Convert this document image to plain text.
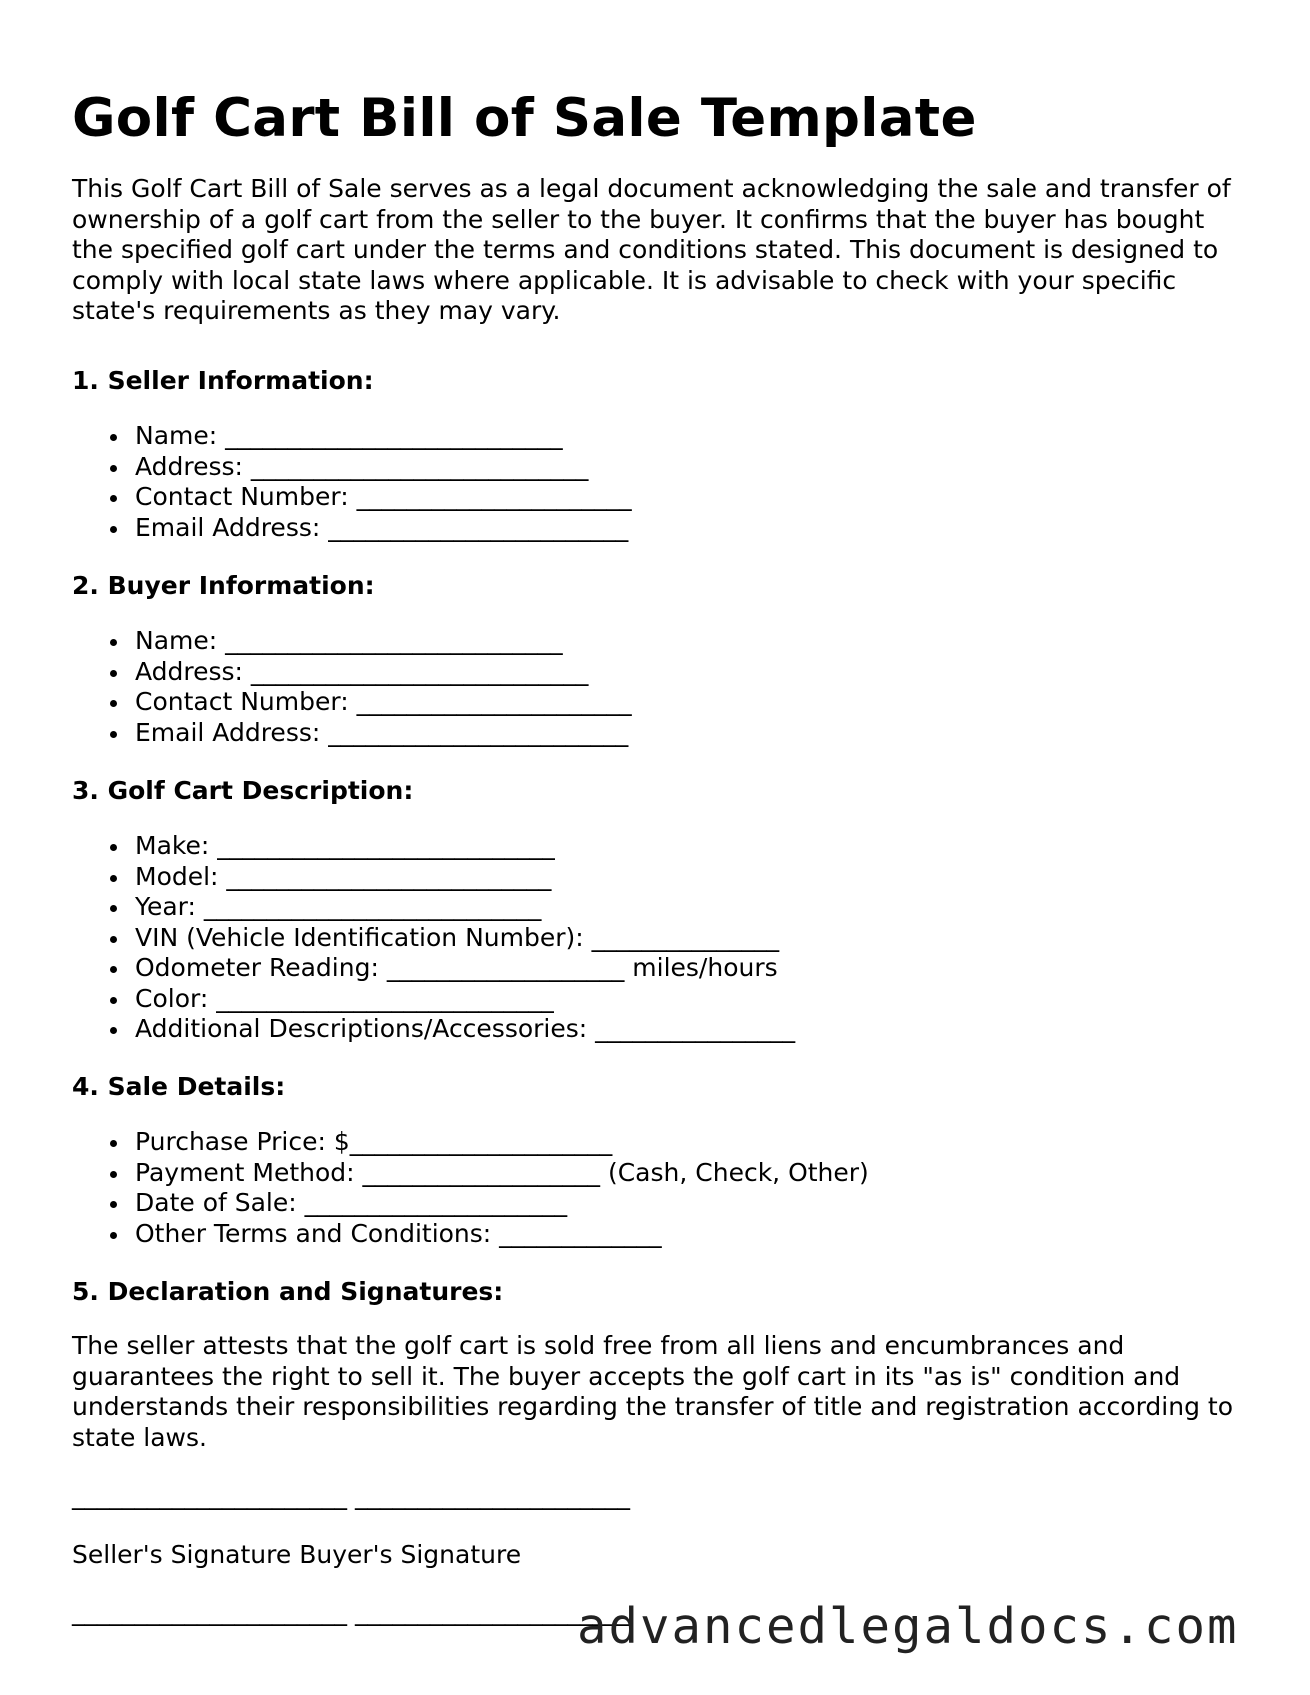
Golf Cart Bill of Sale Template

This Golf Cart Bill of Sale serves as a legal document acknowledging the sale and transfer of ownership of a golf cart from the seller to the buyer. It confirms that the buyer has bought the specified golf cart under the terms and conditions stated. This document is designed to comply with local state laws where applicable. It is advisable to check with your specific state's requirements as they may vary.

1. Seller Information:
Name: ___________________________
Address: ___________________________
Contact Number: ______________________
Email Address: ________________________
2. Buyer Information:
Name: ___________________________
Address: ___________________________
Contact Number: ______________________
Email Address: ________________________
3. Golf Cart Description:
Make: ___________________________
Model: __________________________
Year: ___________________________
VIN (Vehicle Identification Number): _______________
Odometer Reading: ___________________ miles/hours
Color: ___________________________
Additional Descriptions/Accessories: ________________
4. Sale Details:
Purchase Price: $_____________________
Payment Method: ___________________ (Cash, Check, Other)
Date of Sale: _____________________
Other Terms and Conditions: _____________
5. Declaration and Signatures:

The seller attests that the golf cart is sold free from all liens and encumbrances and guarantees the right to sell it. The buyer accepts the golf cart in its "as is" condition and understands their responsibilities regarding the transfer of title and registration according to state laws.

______________________ ______________________
Seller's Signature Buyer's Signature
______________________ ______________________
advancedlegaldocs.com
